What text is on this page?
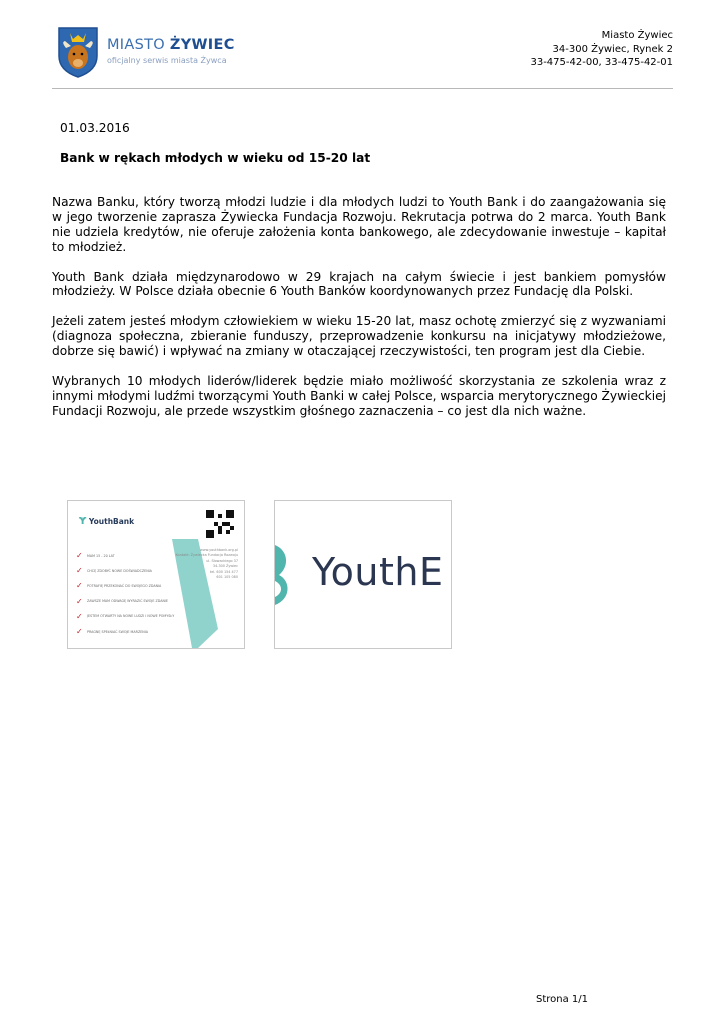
MIASTO ŻYWIEC
oficjalny serwis miasta Żywca
Miasto Żywiec
34-300 Żywiec, Rynek 2
33-475-42-00, 33-475-42-01
01.03.2016
Bank w rękach młodych w wieku od 15-20 lat

Nazwa Banku, który tworzą młodzi ludzie i dla młodych ludzi to Youth Bank i do zaangażowania się w jego tworzenie zaprasza Żywiecka Fundacja Rozwoju. Rekrutacja potrwa do 2 marca. Youth Bank nie udziela kredytów, nie oferuje założenia konta bankowego, ale zdecydowanie inwestuje – kapitał to młodzież.

Youth Bank działa międzynarodowo w 29 krajach na całym świecie i jest bankiem pomysłów młodzieży. W Polsce działa obecnie 6 Youth Banków koordynowanych przez Fundację dla Polski.

Jeżeli zatem jesteś młodym człowiekiem w wieku 15-20 lat, masz ochotę zmierzyć się z wyzwaniami (diagnoza społeczna, zbieranie funduszy, przeprowadzenie konkursu na inicjatywy młodzieżowe, dobrze się bawić) i wpływać na zmiany w otaczającej rzeczywistości, ten program jest dla Ciebie.

Wybranych 10 młodych liderów/liderek będzie miało możliwość skorzystania ze szkolenia wraz z innymi młodymi ludźmi tworzącymi Youth Banki w całej Polsce, wsparcia merytorycznego Żywieckiej Fundacji Rozwoju, ale przede wszystkim głośnego zaznaczenia – co jest dla nich ważne.

Ɏ YouthBank
✓	MAM 15 - 20 LAT
✓	CHCĘ ZDOBYĆ NOWE DOŚWIADCZENIA
✓	POTRAFIĘ PRZEKONAĆ DO SWOJEGO ZDANIA
✓	ZAWSZE MAM ODWAGĘ WYRAZIĆ SWOJE ZDANIE
✓	JESTEM OTWARTY NA NOWE LUDZI I NOWE POMYSŁY
✓	PRAGNĘ SPEŁNIAĆ SWOJE MARZENIA
www.youthbank.org.pl
Kontakt: Żywiecka Fundacja Rozwoju
ul. Słowackiego 37
34-300 Żywiec
tel. 600 154 477
601 105 080 YouthE
Strona 1/1
